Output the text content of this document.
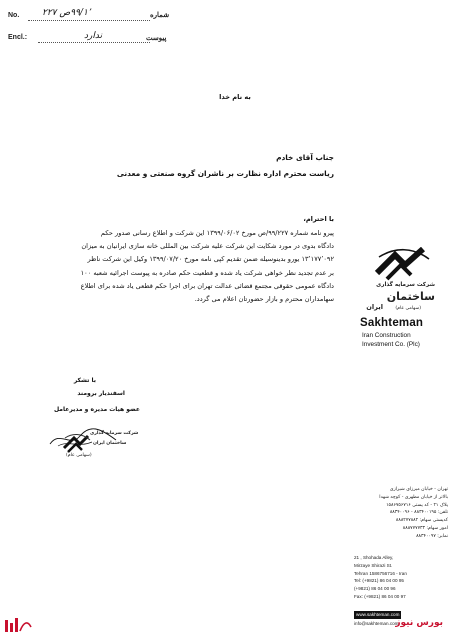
No.	۹۹/۱٬ص ۲۲۷	شماره
Encl.:	ندارد	پیوست
به نام خدا
جناب آقای خادم
ریاست محترم اداره نظارت بر ناشران گروه صنعتی و معدنی
با احترام،
پیرو نامه شماره ۹۹/۲۲۷/ص مورخ ۱۳۹۹/۰۶/۰۲ این شرکت و اطلاع رسانی صدور حکم
دادگاه بدوی در مورد شکایت این شرکت علیه شرکت بین المللی خانه سازی ایرانیان به میزان
۱۳٬۱۷۷٬۰۹۲ یورو بدینوسیله ضمن تقدیم کپی نامه مورخ ۱۳۹۹/۰۷/۲۰ وکیل این شرکت ناظر
بر عدم تجدید نظر خواهی شرکت یاد شده و قطعیت حکم صادره به پیوست اجرائیه شعبه ۱۰۰
دادگاه عمومی حقوقی مجتمع قضائی عدالت تهران برای اجرا حکم قطعی یاد شده برای اطلاع
سهامداران محترم و بازار حضورتان اعلام می گردد.
با تشکر
اسفندیار برومند
عضو هیات مدیره و مدیرعامل
شرکت سرمایه گذاری
ساختمان ایران
(سهامی عام)
شرکت سرمایه گذاری
ساختمان
ایران	(سهامی عام)
Sakhteman
Iran Construction
Investment Co. (Plc)
تهران - خیابان میرزای شیرازی
بالاتر از خیابان مطهری - کوچه شهدا
پلاک ۲۱ - کد پستی ۱۵۸۶۷۵۶۷۱۶
تلفن: ۸۸۳۴۰۰۱۹۵ - ۸۸۳۴۰۰۹۶
کدپستی سهام: ۸۸۸۲۷۷۸۸۲
امور سهام: ۸۸۸۷۷۷۷۳۳
نمابر: ۸۸۳۴۰۰۹۷
21 , Shohada Alley,
Mirzaye Shirazi St.
Tehran 1586756716 - Iran
Tel: (+9821) 86 04 00 95
(+9821) 86 04 00 96
Fax: (+9821) 86 04 00 97
www.sakhteman.com
info@sakhteman.com
بورس نیوز
